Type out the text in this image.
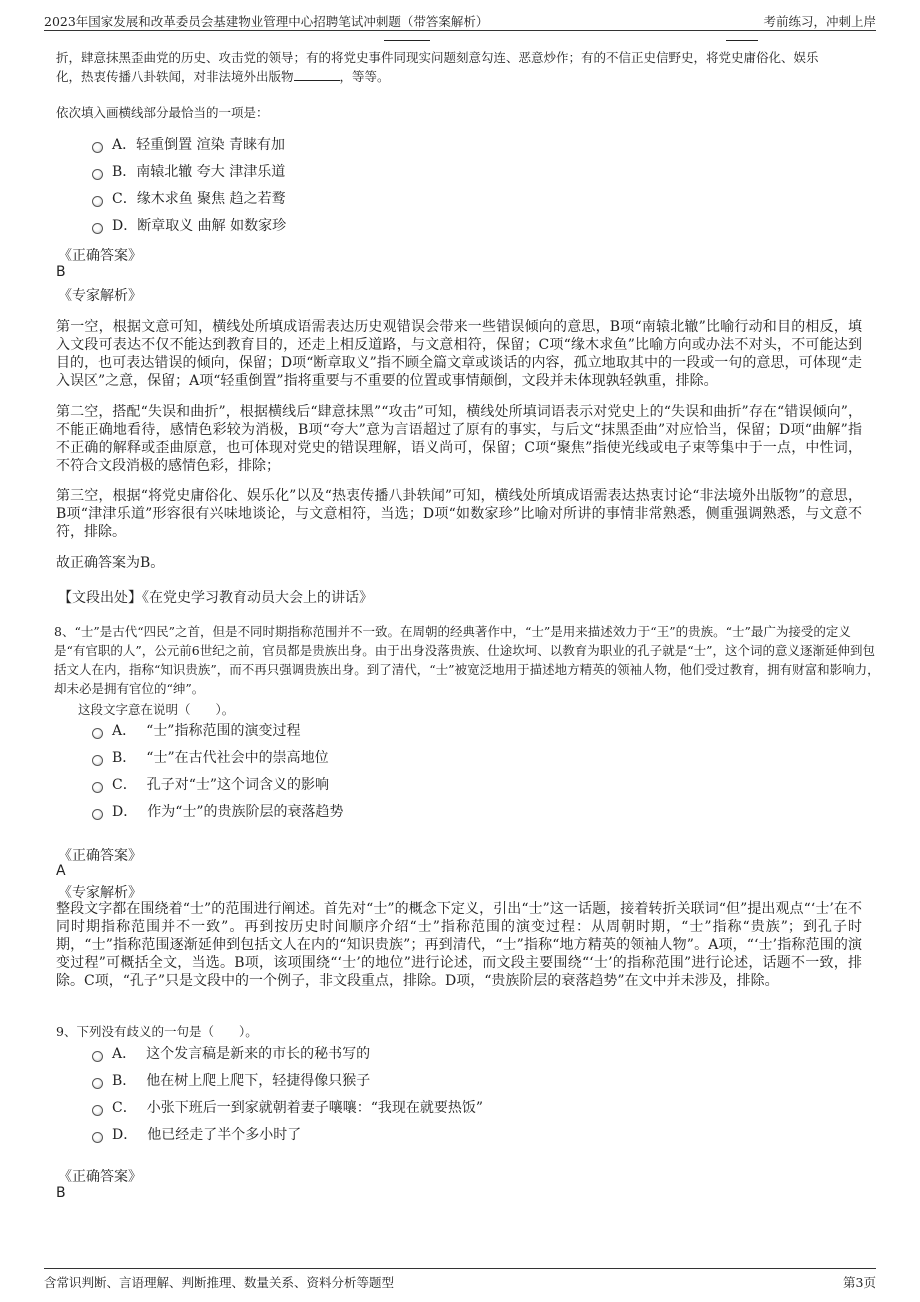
2023年国家发展和改革委员会基建物业管理中心招聘笔试冲刺题（带答案解析）	考前练习，冲刺上岸
折，肆意抹黑歪曲党的历史、攻击党的领导；有的将党史事件同现实问题刻意勾连、恶意炒作；有的不信正史信野史，将党史庸俗化、娱乐
化，热衷传播八卦轶闻，对非法境外出版物	，等等。
依次填入画横线部分最恰当的一项是：
A． 轻重倒置 渲染 青睐有加
B． 南辕北辙 夸大 津津乐道
C． 缘木求鱼 聚焦 趋之若鹜
D． 断章取义 曲解 如数家珍
《正确答案》
B
《专家解析》
第一空，根据文意可知，横线处所填成语需表达历史观错误会带来一些错误倾向的意思，B项“南辕北辙”比喻行动和目的相反，填入文段可表达不仅不能达到教育目的，还走上相反道路，与文意相符，保留；C项“缘木求鱼”比喻方向或办法不对头，不可能达到目的，也可表达错误的倾向，保留；D项“断章取义”指不顾全篇文章或谈话的内容，孤立地取其中的一段或一句的意思，可体现“走入误区”之意，保留；A项“轻重倒置”指将重要与不重要的位置或事情颠倒，文段并未体现孰轻孰重，排除。
第二空，搭配“失误和曲折”，根据横线后“肆意抹黑”“攻击”可知，横线处所填词语表示对党史上的“失误和曲折”存在“错误倾向”，不能正确地看待，感情色彩较为消极，B项“夸大”意为言语超过了原有的事实，与后文“抹黑歪曲”对应恰当，保留；D项“曲解”指不正确的解释或歪曲原意，也可体现对党史的错误理解，语义尚可，保留；C项“聚焦”指使光线或电子束等集中于一点，中性词，不符合文段消极的感情色彩，排除；
第三空，根据“将党史庸俗化、娱乐化”以及“热衷传播八卦轶闻”可知，横线处所填成语需表达热衷讨论“非法境外出版物”的意思，B项“津津乐道”形容很有兴味地谈论，与文意相符，当选；D项“如数家珍”比喻对所讲的事情非常熟悉，侧重强调熟悉，与文意不符，排除。
故正确答案为B。
【文段出处】《在党史学习教育动员大会上的讲话》
8、“士”是古代“四民”之首，但是不同时期指称范围并不一致。在周朝的经典著作中，“士”是用来描述效力于“王”的贵族。“士”最广为接受的定义是“有官职的人”，公元前6世纪之前，官员都是贵族出身。由于出身没落贵族、仕途坎坷、以教育为职业的孔子就是“士”，这个词的意义逐渐延伸到包括文人在内，指称“知识贵族”，而不再只强调贵族出身。到了清代，“士”被宽泛地用于描述地方精英的领袖人物，他们受过教育，拥有财富和影响力，却未必是拥有官位的“绅”。
这段文字意在说明（　　）。
A． “士”指称范围的演变过程
B． “士”在古代社会中的崇高地位
C． 孔子对“士”这个词含义的影响
D． 作为“士”的贵族阶层的衰落趋势
《正确答案》
A
《专家解析》
整段文字都在围绕着“士”的范围进行阐述。首先对“士”的概念下定义，引出“士”这一话题，接着转折关联词“但”提出观点“‘士’在不同时期指称范围并不一致”。再到按历史时间顺序介绍“士”指称范围的演变过程：从周朝时期，“士”指称“贵族”；到孔子时期，“士”指称范围逐渐延伸到包括文人在内的“知识贵族”；再到清代，“士”指称“地方精英的领袖人物”。A项，“‘士’指称范围的演变过程”可概括全文，当选。B项，该项围绕“‘士’的地位”进行论述，而文段主要围绕“‘士’的指称范围”进行论述，话题不一致，排除。C项，“孔子”只是文段中的一个例子，非文段重点，排除。D项，“贵族阶层的衰落趋势”在文中并未涉及，排除。
9、下列没有歧义的一句是（　　）。
A． 这个发言稿是新来的市长的秘书写的
B． 他在树上爬上爬下，轻捷得像只猴子
C． 小张下班后一到家就朝着妻子嚷嚷：“我现在就要热饭”
D． 他已经走了半个多小时了
《正确答案》
B
含常识判断、言语理解、判断推理、数量关系、资料分析等题型	第3页
